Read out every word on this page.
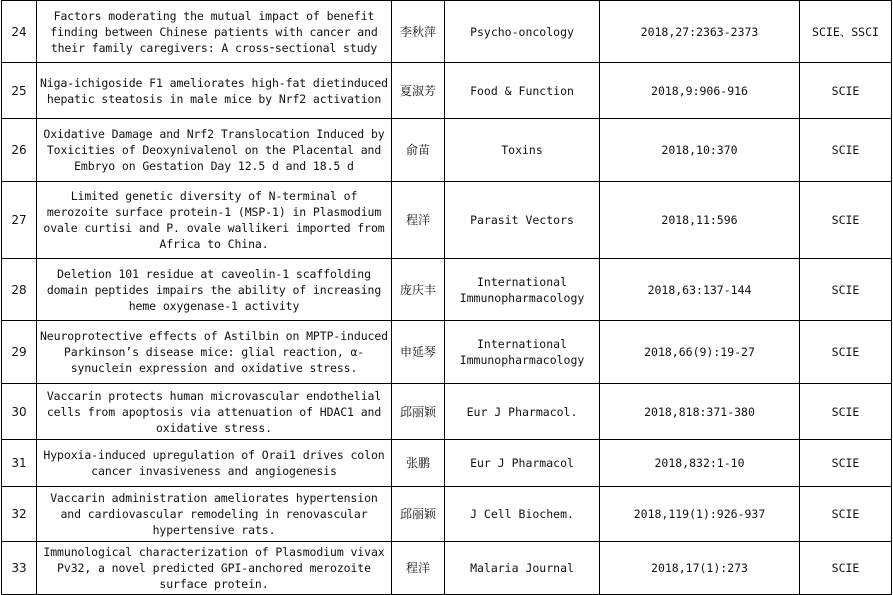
24	Factors moderating the mutual impact of benefit finding between Chinese patients with cancer and their family caregivers: A cross⁃sectional study	李秋萍	Psycho-oncology	2018,27:2363-2373	SCIE、SSCI
25	Niga-ichigoside F1 ameliorates high-fat dietinduced hepatic steatosis in male mice by Nrf2 activation	夏淑芳	Food & Function	2018,9:906-916	SCIE
26	Oxidative Damage and Nrf2 Translocation Induced by Toxicities of Deoxynivalenol on the Placental and Embryo on Gestation Day 12.5 d and 18.5 d	俞苗	Toxins	2018,10:370	SCIE
27	Limited genetic diversity of N-terminal of merozoite surface protein-1 (MSP-1) in Plasmodium ovale curtisi and P. ovale wallikeri imported from Africa to China.	程洋	Parasit Vectors	2018,11:596	SCIE
28	Deletion 101 residue at caveolin-1 scaffolding domain peptides impairs the ability of increasing heme oxygenase-1 activity	庞庆丰	International Immunopharmacology	2018,63:137-144	SCIE
29	Neuroprotective effects of Astilbin on MPTP-induced Parkinson’s disease mice: glial reaction, α-synuclein expression and oxidative stress.	申延琴	International Immunopharmacology	2018,66(9):19-27	SCIE
30	Vaccarin protects human microvascular endothelial cells from apoptosis via attenuation of HDAC1 and oxidative stress.	邱丽颖	Eur J Pharmacol.	2018,818:371-380	SCIE
31	Hypoxia-induced upregulation of Orai1 drives colon cancer invasiveness and angiogenesis	张鹏	Eur J Pharmacol	2018,832:1-10	SCIE
32	Vaccarin administration ameliorates hypertension and cardiovascular remodeling in renovascular hypertensive rats.	邱丽颖	J Cell Biochem.	2018,119(1):926-937	SCIE
33	Immunological characterization of Plasmodium vivax Pv32, a novel predicted GPI-anchored merozoite surface protein.	程洋	Malaria Journal	2018,17(1):273	SCIE
